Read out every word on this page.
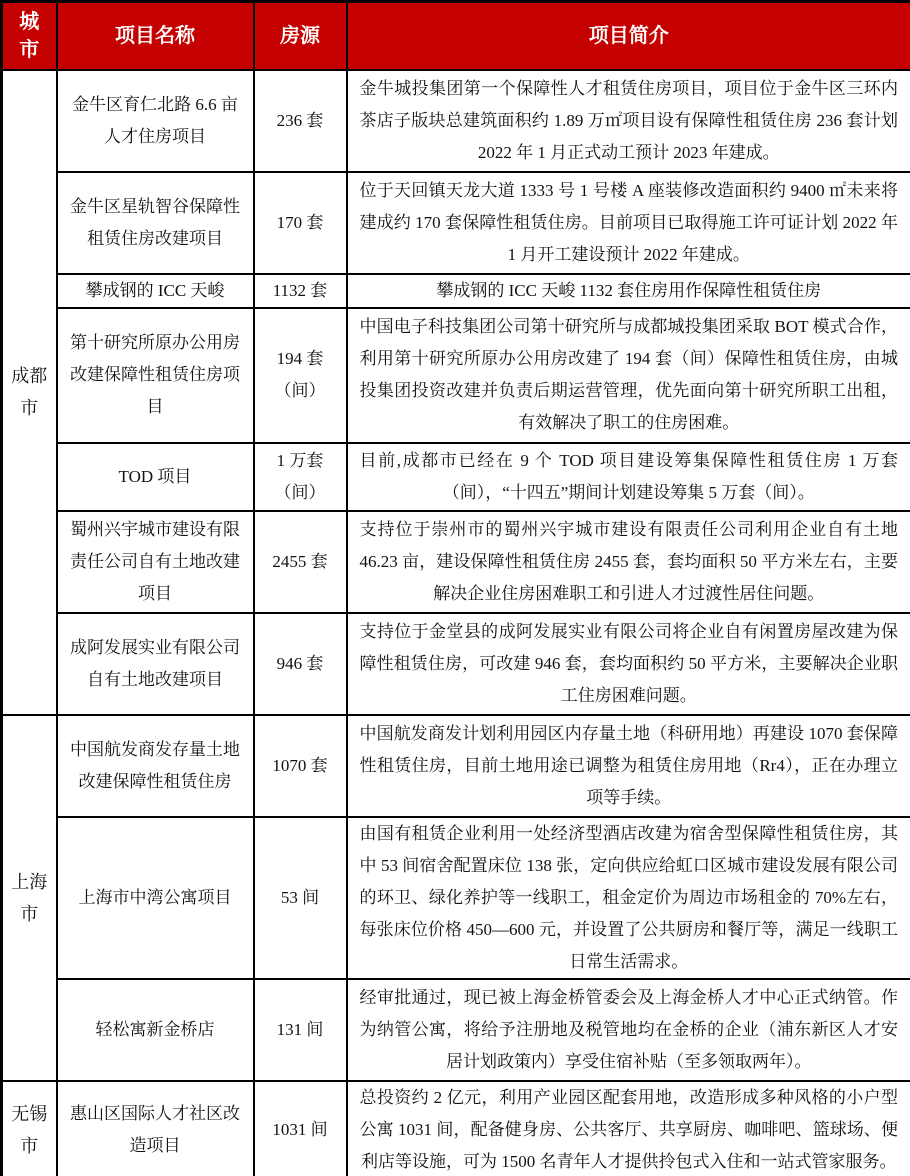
城市	项目名称	房源	项目简介

成都市	金牛区育仁北路 6.6 亩人才住房项目	236 套	金牛城投集团第一个保障性人才租赁住房项目，项目位于金牛区三环内茶店子版块总建筑面积约 1.89 万㎡项目设有保障性租赁住房 236 套计划 2022 年 1 月正式动工预计 2023 年建成。
	金牛区星轨智谷保障性租赁住房改建项目	170 套	位于天回镇天龙大道 1333 号 1 号楼 A 座装修改造面积约 9400 ㎡未来将建成约 170 套保障性租赁住房。目前项目已取得施工许可证计划 2022 年 1 月开工建设预计 2022 年建成。
	攀成钢的 ICC 天峻	1132 套	攀成钢的 ICC 天峻 1132 套住房用作保障性租赁住房
	第十研究所原办公用房改建保障性租赁住房项目	194 套（间）	中国电子科技集团公司第十研究所与成都城投集团采取 BOT 模式合作，利用第十研究所原办公用房改建了 194 套（间）保障性租赁住房，由城投集团投资改建并负责后期运营管理，优先面向第十研究所职工出租，有效解决了职工的住房困难。
	TOD 项目	1 万套（间）	目前,成都市已经在 9 个 TOD 项目建设筹集保障性租赁住房 1 万套（间），“十四五”期间计划建设筹集 5 万套（间）。
	蜀州兴宇城市建设有限责任公司自有土地改建项目	2455 套	支持位于崇州市的蜀州兴宇城市建设有限责任公司利用企业自有土地 46.23 亩，建设保障性租赁住房 2455 套，套均面积 50 平方米左右，主要解决企业住房困难职工和引进人才过渡性居住问题。
	成阿发展实业有限公司自有土地改建项目	946 套	支持位于金堂县的成阿发展实业有限公司将企业自有闲置房屋改建为保障性租赁住房，可改建 946 套，套均面积约 50 平方米，主要解决企业职工住房困难问题。

上海市	中国航发商发存量土地改建保障性租赁住房	1070 套	中国航发商发计划利用园区内存量土地（科研用地）再建设 1070 套保障性租赁住房，目前土地用途已调整为租赁住房用地（Rr4），正在办理立项等手续。
	上海市中湾公寓项目	53 间	由国有租赁企业利用一处经济型酒店改建为宿舍型保障性租赁住房，其中 53 间宿舍配置床位 138 张，定向供应给虹口区城市建设发展有限公司的环卫、绿化养护等一线职工，租金定价为周边市场租金的 70%左右，每张床位价格 450—600 元，并设置了公共厨房和餐厅等，满足一线职工日常生活需求。
	轻松寓新金桥店	131 间	经审批通过，现已被上海金桥管委会及上海金桥人才中心正式纳管。作为纳管公寓，将给予注册地及税管地均在金桥的企业（浦东新区人才安居计划政策内）享受住宿补贴（至多领取两年）。

无锡市	惠山区国际人才社区改造项目	1031 间	总投资约 2 亿元，利用产业园区配套用地，改造形成多种风格的小户型公寓 1031 间，配备健身房、公共客厅、共享厨房、咖啡吧、篮球场、便利店等设施，可为 1500 名青年人才提供拎包式入住和一站式管家服务。
